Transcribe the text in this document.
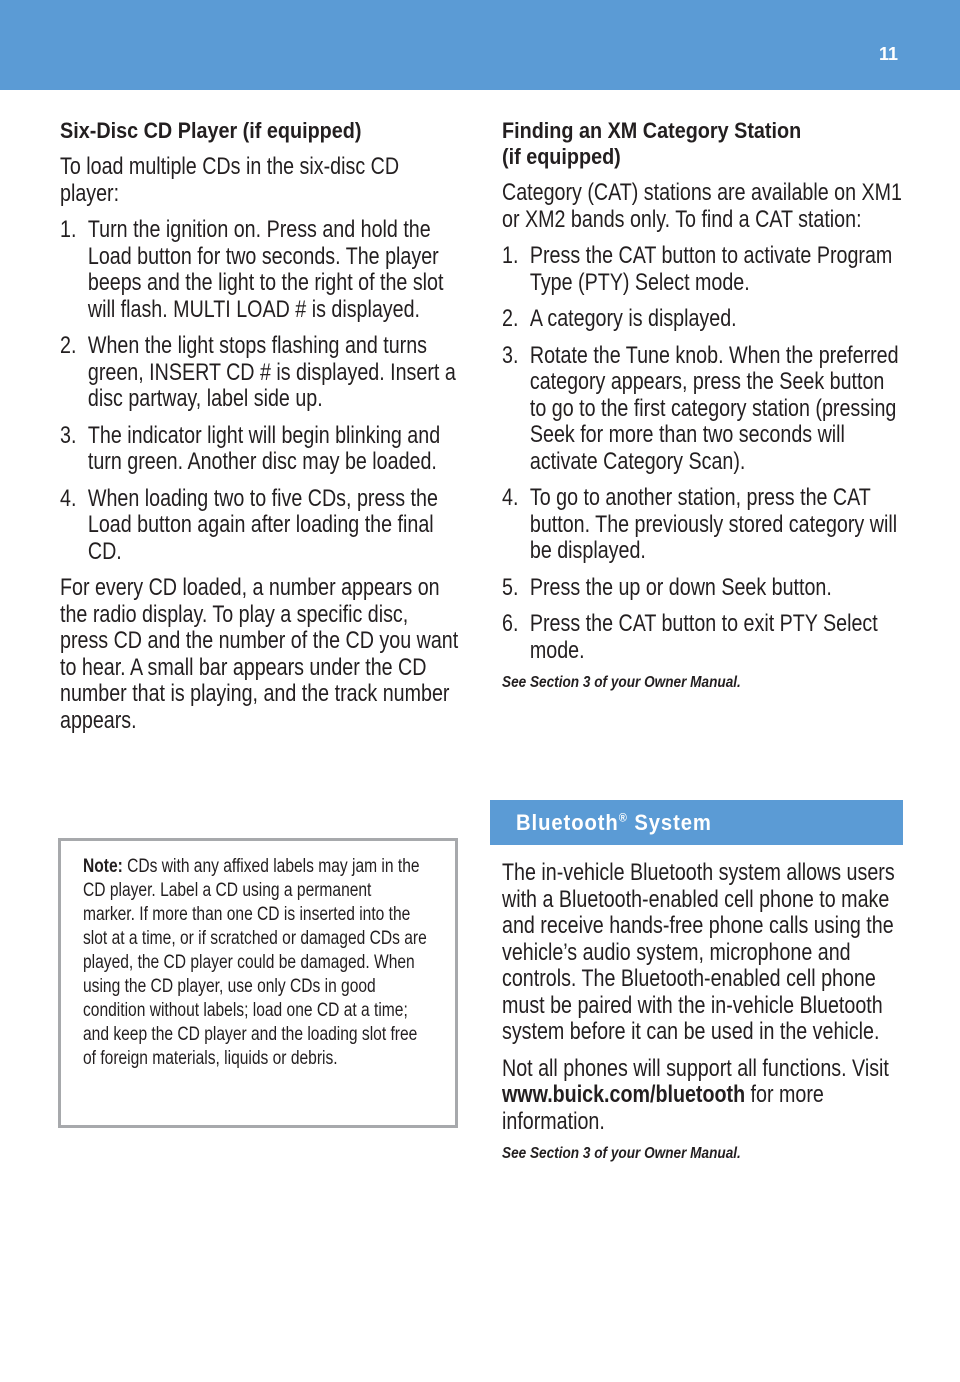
11
Six-Disc CD Player (if equipped)
To load multiple CDs in the six-disc CD player:
1. Turn the ignition on. Press and hold the Load button for two seconds. The player beeps and the light to the right of the slot will flash. MULTI LOAD # is displayed.
2. When the light stops flashing and turns green, INSERT CD # is displayed. Insert a disc partway, label side up.
3. The indicator light will begin blinking and turn green. Another disc may be loaded.
4. When loading two to five CDs, press the Load button again after loading the final CD.
For every CD loaded, a number appears on the radio display. To play a specific disc, press CD and the number of the CD you want to hear. A small bar appears under the CD number that is playing, and the track number appears.
Note: CDs with any affixed labels may jam in the CD player. Label a CD using a permanent marker. If more than one CD is inserted into the slot at a time, or if scratched or damaged CDs are played, the CD player could be damaged. When using the CD player, use only CDs in good condition without labels; load one CD at a time; and keep the CD player and the loading slot free of foreign materials, liquids or debris.
Finding an XM Category Station
(if equipped)
Category (CAT) stations are available on XM1 or XM2 bands only. To find a CAT station:
1. Press the CAT button to activate Program Type (PTY) Select mode.
2. A category is displayed.
3. Rotate the Tune knob. When the preferred category appears, press the Seek button to go to the first category station (pressing Seek for more than two seconds will activate Category Scan).
4. To go to another station, press the CAT button. The previously stored category will be displayed.
5. Press the up or down Seek button.
6. Press the CAT button to exit PTY Select mode.
See Section 3 of your Owner Manual.
Bluetooth® System
The in-vehicle Bluetooth system allows users with a Bluetooth-enabled cell phone to make and receive hands-free phone calls using the vehicle’s audio system, microphone and controls. The Bluetooth-enabled cell phone must be paired with the in-vehicle Bluetooth system before it can be used in the vehicle.
Not all phones will support all functions. Visit www.buick.com/bluetooth for more information.
See Section 3 of your Owner Manual.
